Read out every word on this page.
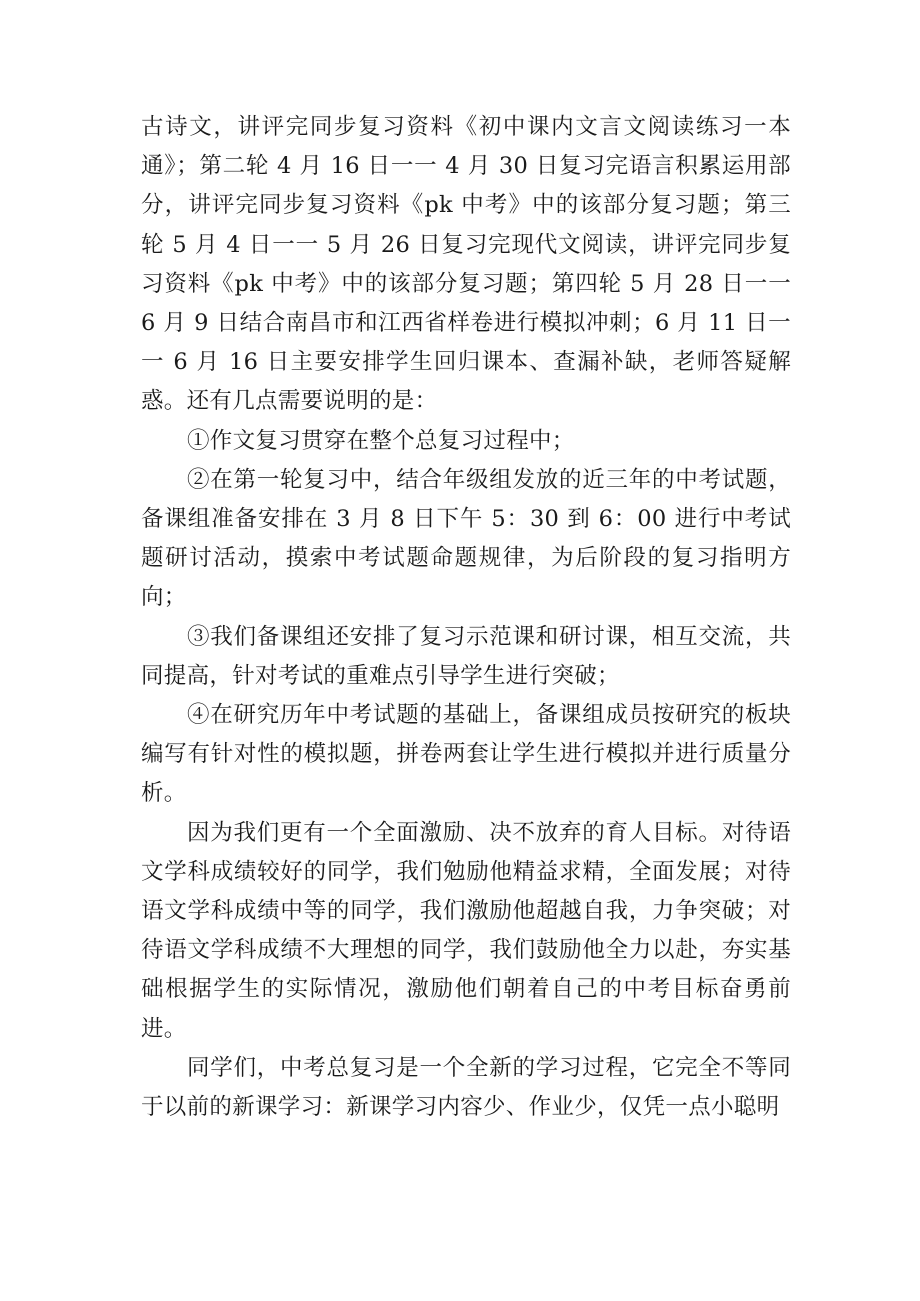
古诗文，讲评完同步复习资料《初中课内文言文阅读练习一本通》；第二轮 4 月 16 日一一 4 月 30 日复习完语言积累运用部分，讲评完同步复习资料《pk 中考》中的该部分复习题；第三轮 5 月 4 日一一 5 月 26 日复习完现代文阅读，讲评完同步复习资料《pk 中考》中的该部分复习题；第四轮 5 月 28 日一一 6 月 9 日结合南昌市和江西省样卷进行模拟冲刺；6 月 11 日一一 6 月 16 日主要安排学生回归课本、查漏补缺，老师答疑解惑。还有几点需要说明的是：

①作文复习贯穿在整个总复习过程中；

②在第一轮复习中，结合年级组发放的近三年的中考试题，备课组准备安排在 3 月 8 日下午 5：30 到 6：00 进行中考试题研讨活动，摸索中考试题命题规律，为后阶段的复习指明方向；

③我们备课组还安排了复习示范课和研讨课，相互交流，共同提高，针对考试的重难点引导学生进行突破；

④在研究历年中考试题的基础上，备课组成员按研究的板块编写有针对性的模拟题，拼卷两套让学生进行模拟并进行质量分析。

因为我们更有一个全面激励、决不放弃的育人目标。对待语文学科成绩较好的同学，我们勉励他精益求精，全面发展；对待语文学科成绩中等的同学，我们激励他超越自我，力争突破；对待语文学科成绩不大理想的同学，我们鼓励他全力以赴，夯实基础根据学生的实际情况，激励他们朝着自己的中考目标奋勇前进。

同学们，中考总复习是一个全新的学习过程，它完全不等同于以前的新课学习：新课学习内容少、作业少，仅凭一点小聪明
